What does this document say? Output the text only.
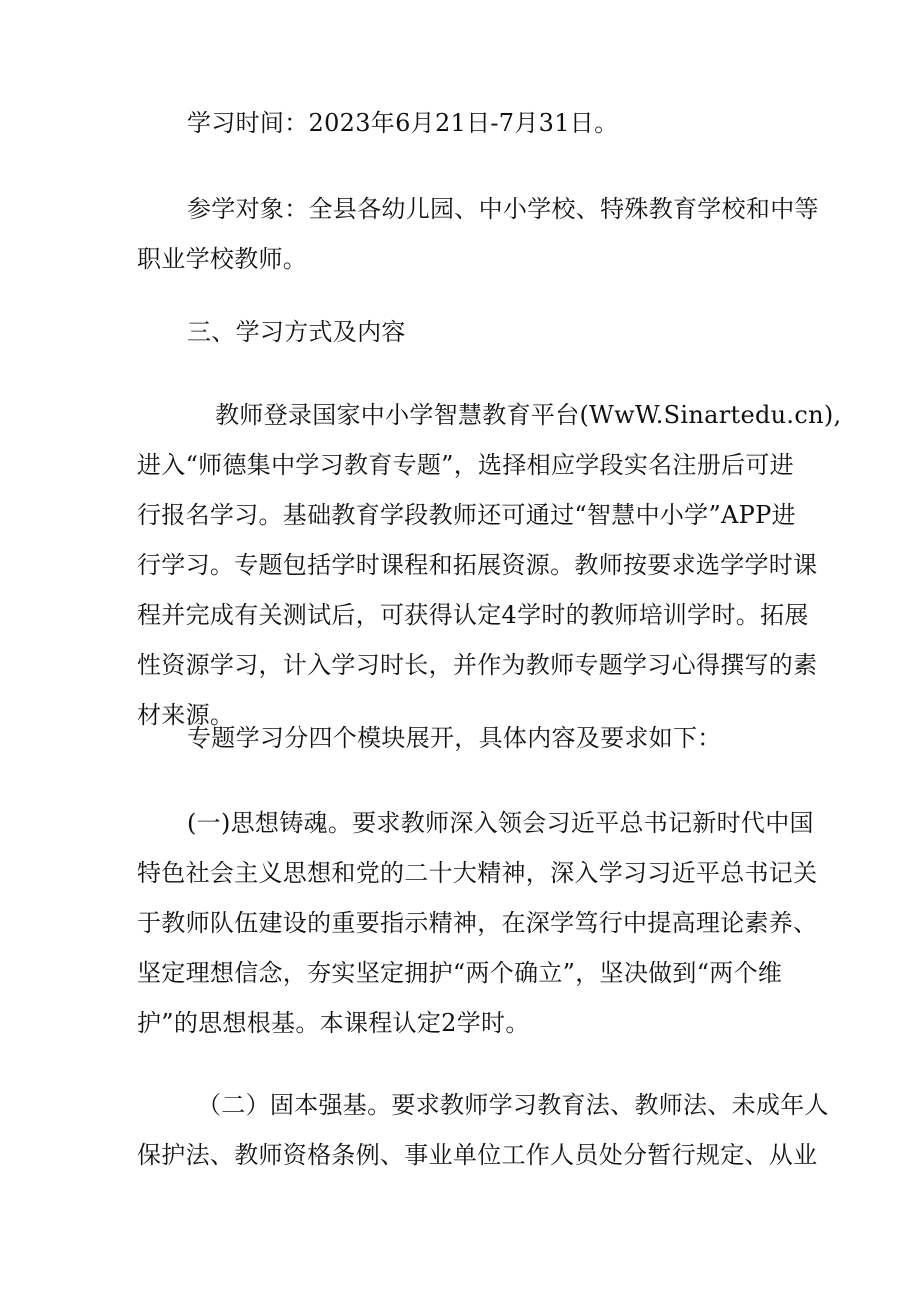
学习时间：2023年6月21日-7月31日。

参学对象：全县各幼儿园、中小学校、特殊教育学校和中等
职业学校教师。

三、学习方式及内容

教师登录国家中小学智慧教育平台(WwW.Sinartedu.cn),
进入“师德集中学习教育专题”，选择相应学段实名注册后可进
行报名学习。基础教育学段教师还可通过“智慧中小学”APP进
行学习。专题包括学时课程和拓展资源。教师按要求选学学时课
程并完成有关测试后，可获得认定4学时的教师培训学时。拓展
性资源学习，计入学习时长，并作为教师专题学习心得撰写的素
材来源。

专题学习分四个模块展开，具体内容及要求如下：

(一)思想铸魂。要求教师深入领会习近平总书记新时代中国
特色社会主义思想和党的二十大精神，深入学习习近平总书记关
于教师队伍建设的重要指示精神，在深学笃行中提高理论素养、
坚定理想信念，夯实坚定拥护“两个确立”，坚决做到“两个维
护”的思想根基。本课程认定2学时。

（二）固本强基。要求教师学习教育法、教师法、未成年人
保护法、教师资格条例、事业单位工作人员处分暂行规定、从业
